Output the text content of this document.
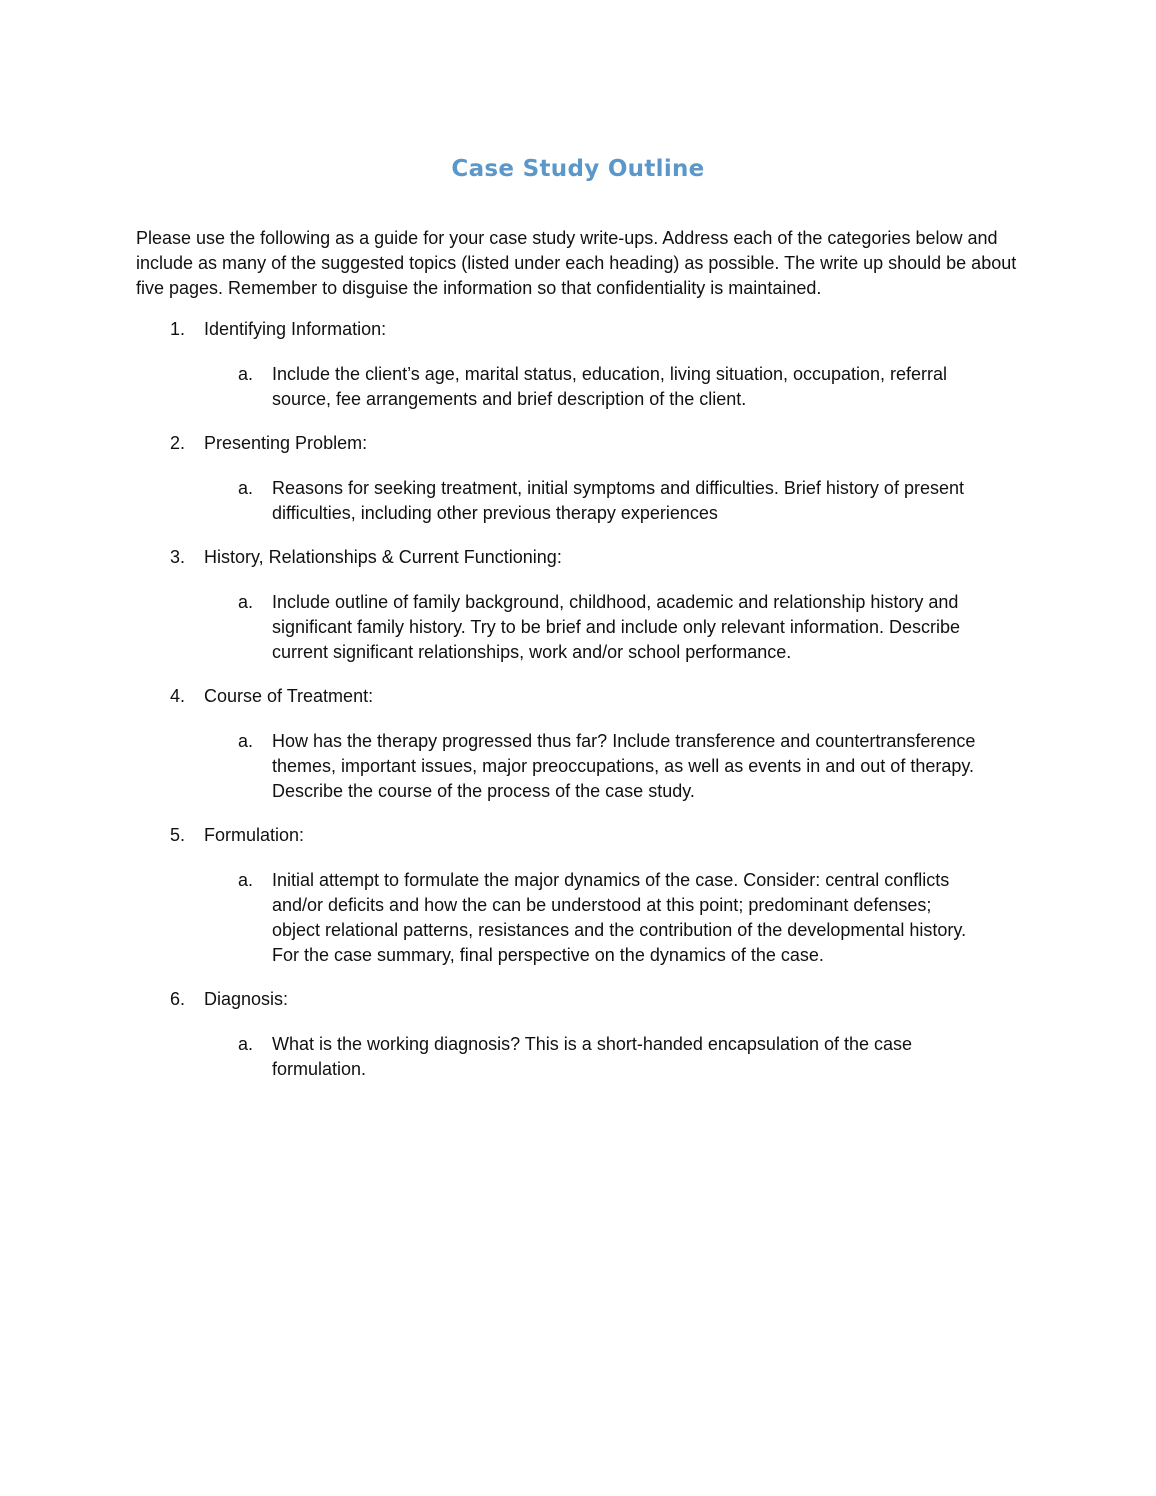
Case Study Outline

Please use the following as a guide for your case study write-ups. Address each of the categories below and include as many of the suggested topics (listed under each heading) as possible. The write up should be about five pages. Remember to disguise the information so that confidentiality is maintained.

1. Identifying Information:
a. Include the client’s age, marital status, education, living situation, occupation, referral
source, fee arrangements and brief description of the client.
2. Presenting Problem:
a. Reasons for seeking treatment, initial symptoms and difficulties. Brief history of present
difficulties, including other previous therapy experiences
3. History, Relationships & Current Functioning:
a. Include outline of family background, childhood, academic and relationship history and
significant family history. Try to be brief and include only relevant information. Describe
current significant relationships, work and/or school performance.
4. Course of Treatment:
a. How has the therapy progressed thus far? Include transference and countertransference
themes, important issues, major preoccupations, as well as events in and out of therapy.
Describe the course of the process of the case study.
5. Formulation:
a. Initial attempt to formulate the major dynamics of the case. Consider: central conflicts
and/or deficits and how the can be understood at this point; predominant defenses;
object relational patterns, resistances and the contribution of the developmental history.
For the case summary, final perspective on the dynamics of the case.
6. Diagnosis:
a. What is the working diagnosis? This is a short-handed encapsulation of the case
formulation.
